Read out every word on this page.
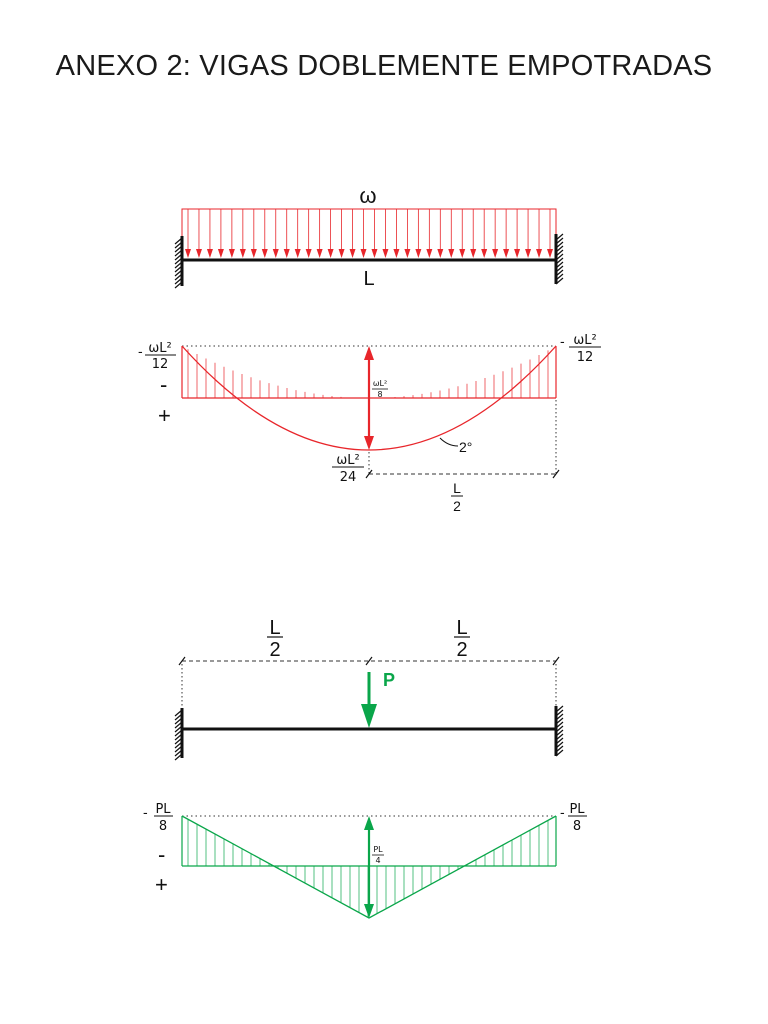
ANEXO 2: VIGAS DOBLEMENTE EMPOTRADAS
ω
L
ωL²
8
- ωL²
12
- ωL²
12
-
+
ωL²
24
2°
L
2
L
2
L
2
P
PL
4
- PL
8
- PL
8
-
+
